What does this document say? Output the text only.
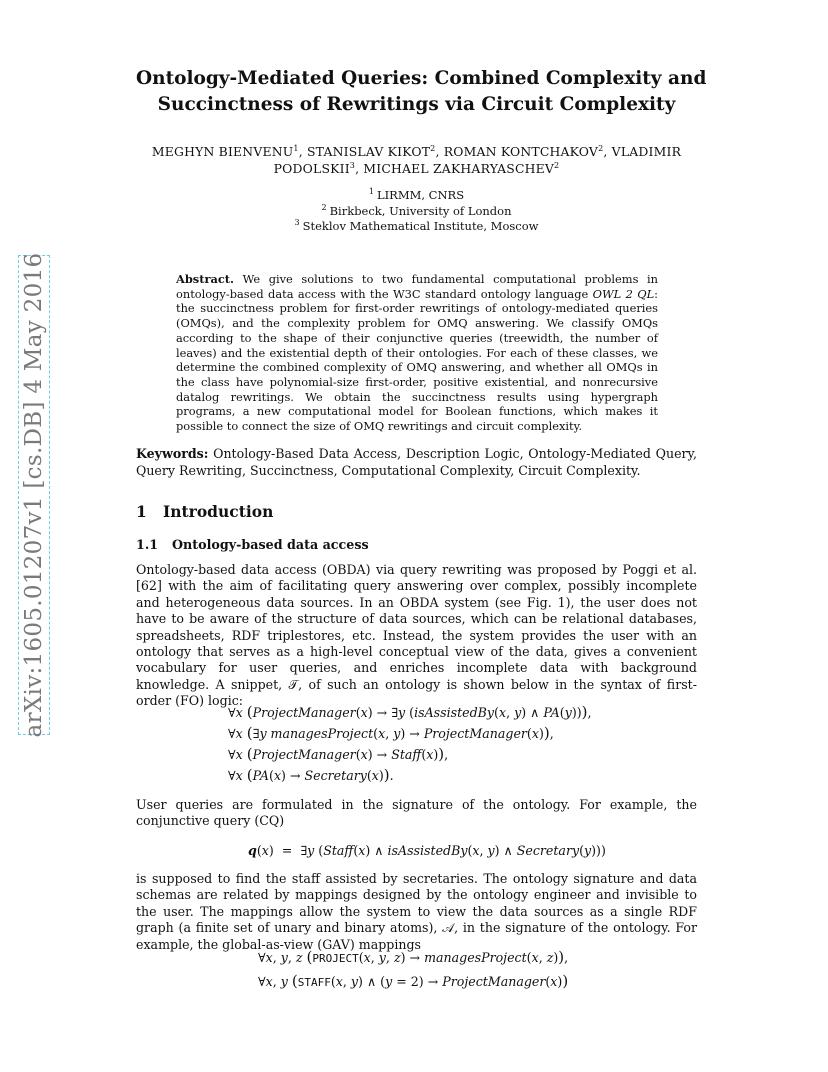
arXiv:1605.01207v1 [cs.DB] 4 May 2016
Ontology-Mediated Queries: Combined Complexity and
Succinctness of Rewritings via Circuit Complexity
MEGHYN BIENVENU$^1$, STANISLAV KIKOT$^2$, ROMAN KONTCHAKOV$^2$, VLADIMIR
PODOLSKII$^3$, MICHAEL ZAKHARYASCHEV$^2$
$^1$ LIRMM, CNRS
$^2$ Birkbeck, University of London
$^3$ Steklov Mathematical Institute, Moscow
Abstract. We give solutions to two fundamental computational problems in ontology-based data access with the W3C standard ontology language OWL 2 QL: the succinctness problem for first-order rewritings of ontology-mediated queries (OMQs), and the complexity problem for OMQ answering. We classify OMQs according to the shape of their conjunctive queries (treewidth, the number of leaves) and the existential depth of their ontologies. For each of these classes, we determine the combined complexity of OMQ answering, and whether all OMQs in the class have polynomial-size first-order, positive existential, and nonrecursive datalog rewritings. We obtain the succinctness results using hypergraph programs, a new computational model for Boolean functions, which makes it possible to connect the size of OMQ rewritings and circuit complexity.
Keywords: Ontology-Based Data Access, Description Logic, Ontology-Mediated Query, Query Rewriting, Succinctness, Computational Complexity, Circuit Complexity.
1 Introduction
1.1 Ontology-based data access
Ontology-based data access (OBDA) via query rewriting was proposed by Poggi et al. [62] with the aim of facilitating query answering over complex, possibly incomplete and heterogeneous data sources. In an OBDA system (see Fig. 1), the user does not have to be aware of the structure of data sources, which can be relational databases, spreadsheets, RDF triplestores, etc. Instead, the system provides the user with an ontology that serves as a high-level conceptual view of the data, gives a convenient vocabulary for user queries, and enriches incomplete data with background knowledge. A snippet, 𝒯, of such an ontology is shown below in the syntax of first-order (FO) logic:
∀x (ProjectManager(x) → ∃y (isAssistedBy(x, y) ∧ PA(y))),
∀x (∃y managesProject(x, y) → ProjectManager(x)),
∀x (ProjectManager(x) → Staff(x)),
∀x (PA(x) → Secretary(x)).
User queries are formulated in the signature of the ontology. For example, the conjunctive query (CQ)
q(x)  =  ∃y (Staff(x) ∧ isAssistedBy(x, y) ∧ Secretary(y)))
is supposed to find the staff assisted by secretaries. The ontology signature and data schemas are related by mappings designed by the ontology engineer and invisible to the user. The mappings allow the system to view the data sources as a single RDF graph (a finite set of unary and binary atoms), 𝒜, in the signature of the ontology. For example, the global-as-view (GAV) mappings
∀x, y, z (PROJECT(x, y, z) → managesProject(x, z)),
∀x, y (STAFF(x, y) ∧ (y = 2) → ProjectManager(x))
